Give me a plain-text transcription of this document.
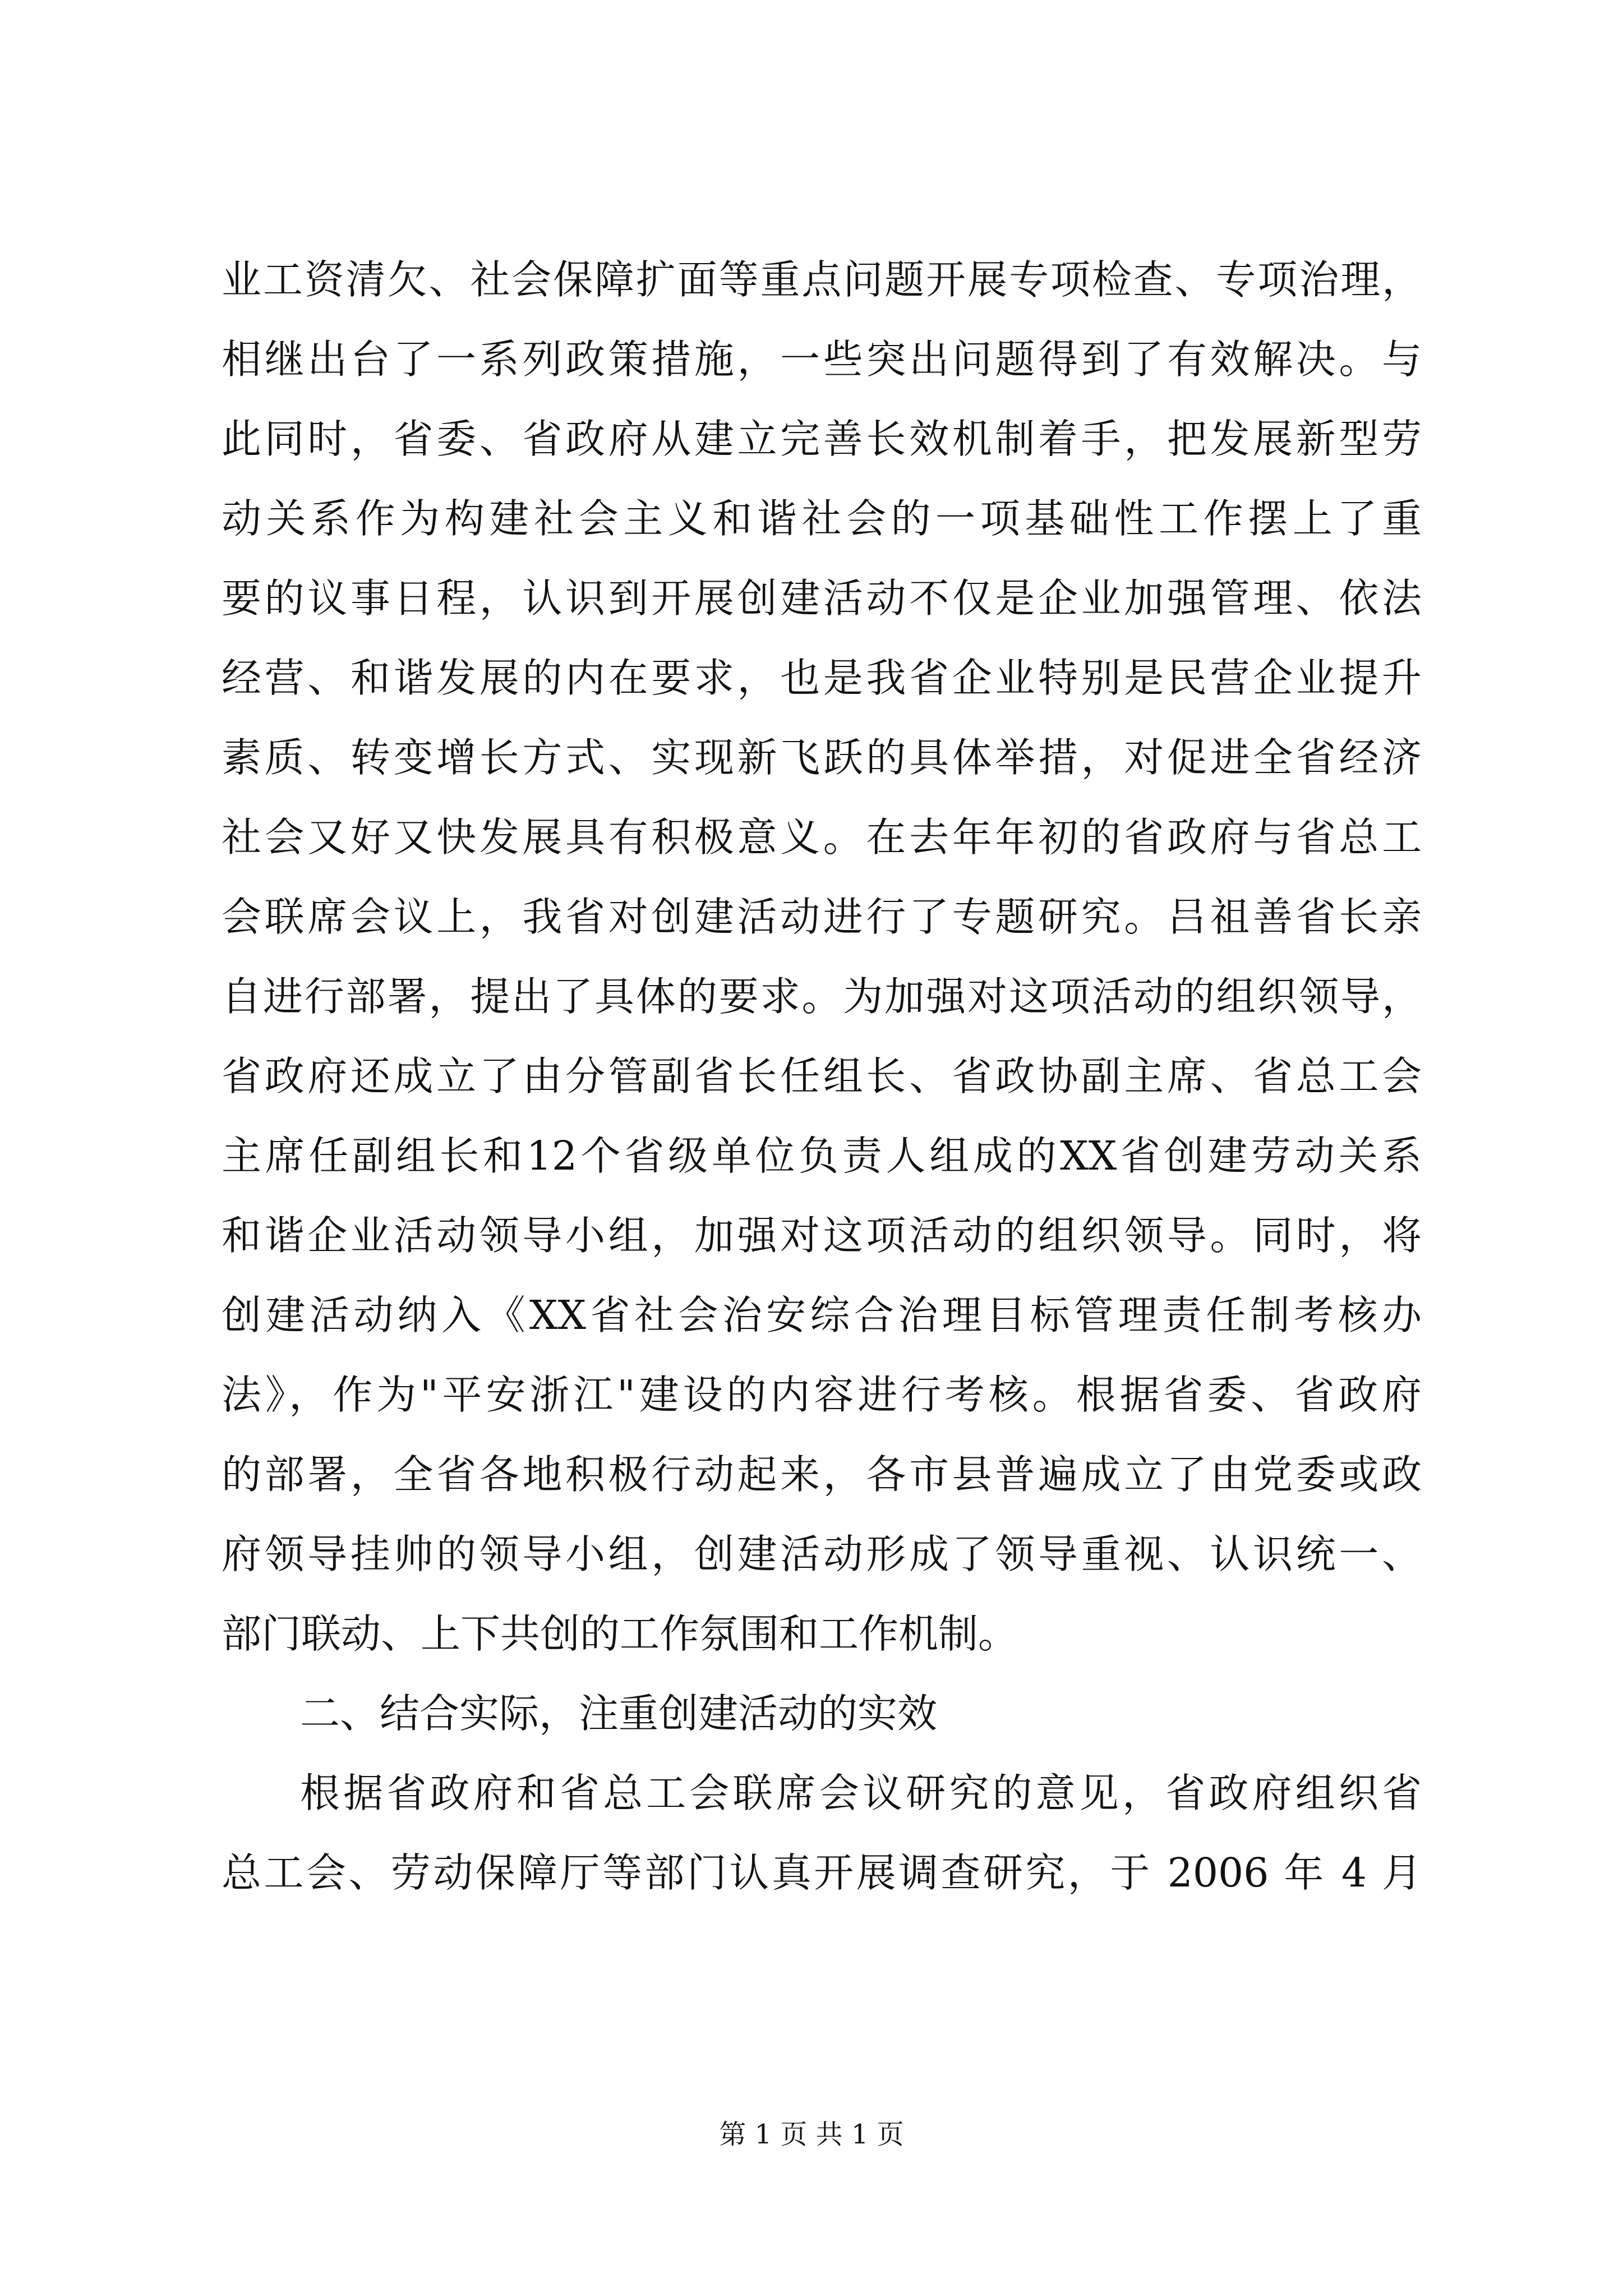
业工资清欠、社会保障扩面等重点问题开展专项检查、专项治理，
相继出台了一系列政策措施，一些突出问题得到了有效解决。与
此同时，省委、省政府从建立完善长效机制着手，把发展新型劳
动关系作为构建社会主义和谐社会的一项基础性工作摆上了重
要的议事日程，认识到开展创建活动不仅是企业加强管理、依法
经营、和谐发展的内在要求，也是我省企业特别是民营企业提升
素质、转变增长方式、实现新飞跃的具体举措，对促进全省经济
社会又好又快发展具有积极意义。在去年年初的省政府与省总工
会联席会议上，我省对创建活动进行了专题研究。吕祖善省长亲
自进行部署，提出了具体的要求。为加强对这项活动的组织领导，
省政府还成立了由分管副省长任组长、省政协副主席、省总工会
主席任副组长和12个省级单位负责人组成的XX省创建劳动关系
和谐企业活动领导小组，加强对这项活动的组织领导。同时，将
创建活动纳入《XX省社会治安综合治理目标管理责任制考核办
法》，作为"平安浙江"建设的内容进行考核。根据省委、省政府
的部署，全省各地积极行动起来，各市县普遍成立了由党委或政
府领导挂帅的领导小组，创建活动形成了领导重视、认识统一、
部门联动、上下共创的工作氛围和工作机制。
二、结合实际，注重创建活动的实效
根据省政府和省总工会联席会议研究的意见，省政府组织省
总工会、劳动保障厅等部门认真开展调查研究，于 2006 年 4 月
第 1 页 共 1 页
